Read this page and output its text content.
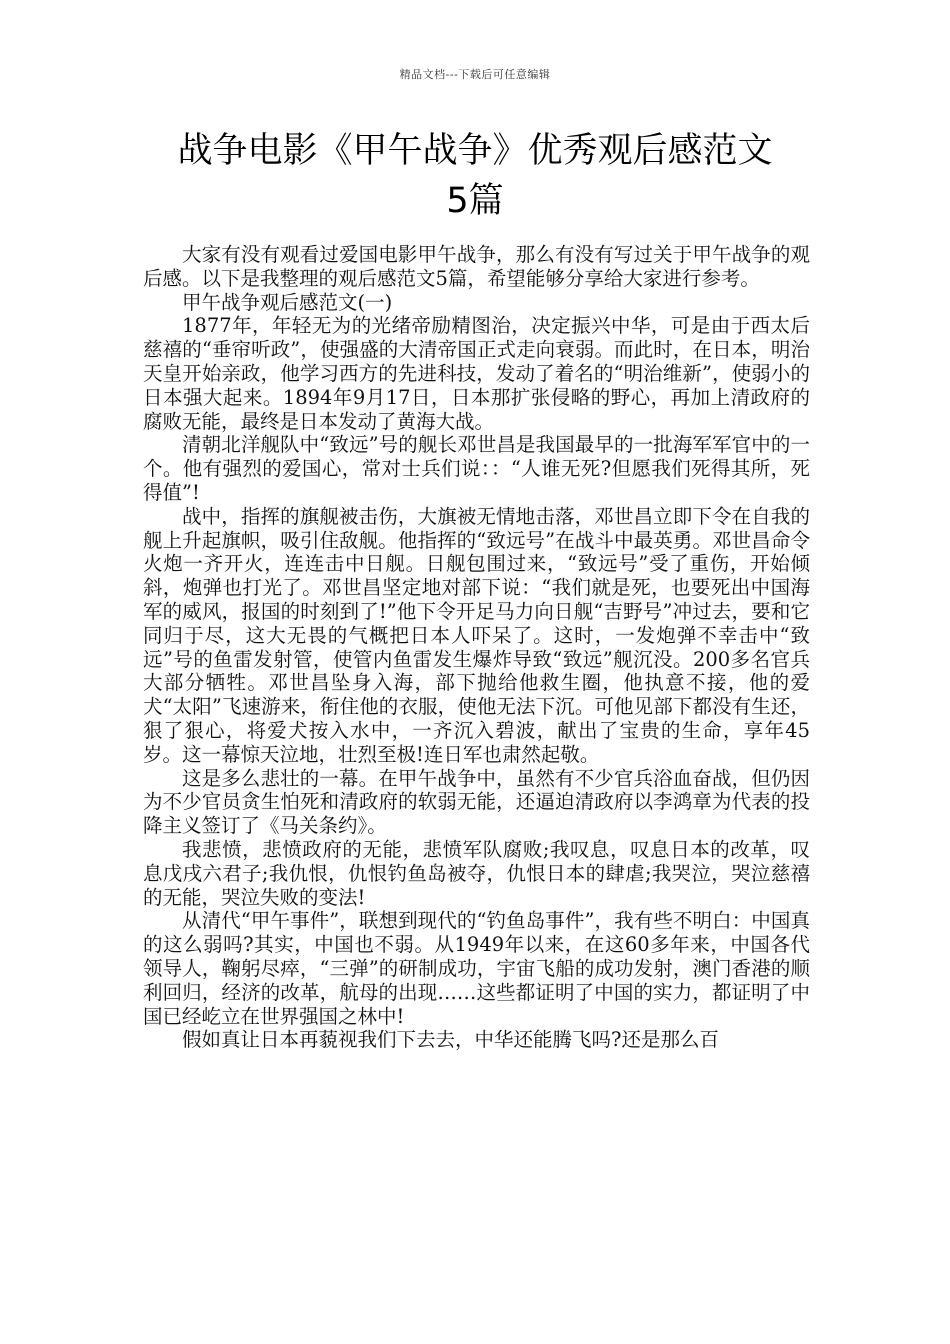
精品文档---下载后可任意编辑
战争电影《甲午战争》优秀观后感范文
5篇

大家有没有观看过爱国电影甲午战争，那么有没有写过关于甲午战争的观后感。以下是我整理的观后感范文5篇，希望能够分享给大家进行参考。

甲午战争观后感范文(一)

1877年，年轻无为的光绪帝励精图治，决定振兴中华，可是由于西太后慈禧的“垂帘听政”，使强盛的大清帝国正式走向衰弱。而此时，在日本，明治天皇开始亲政，他学习西方的先进科技，发动了着名的“明治维新”，使弱小的日本强大起来。1894年9月17日，日本那扩张侵略的野心，再加上清政府的腐败无能，最终是日本发动了黄海大战。

清朝北洋舰队中“致远”号的舰长邓世昌是我国最早的一批海军军官中的一个。他有强烈的爱国心，常对士兵们说：：“人谁无死?但愿我们死得其所，死得值”!

战中，指挥的旗舰被击伤，大旗被无情地击落，邓世昌立即下令在自我的舰上升起旗帜，吸引住敌舰。他指挥的“致远号”在战斗中最英勇。邓世昌命令火炮一齐开火，连连击中日舰。日舰包围过来，“致远号”受了重伤，开始倾斜，炮弹也打光了。邓世昌坚定地对部下说：“我们就是死，也要死出中国海军的威风，报国的时刻到了!”他下令开足马力向日舰“吉野号”冲过去，要和它同归于尽，这大无畏的气概把日本人吓呆了。这时，一发炮弹不幸击中“致远”号的鱼雷发射管，使管内鱼雷发生爆炸导致“致远”舰沉没。200多名官兵大部分牺牲。邓世昌坠身入海，部下抛给他救生圈，他执意不接，他的爱犬“太阳”飞速游来，衔住他的衣服，使他无法下沉。可他见部下都没有生还，狠了狠心，将爱犬按入水中，一齐沉入碧波，献出了宝贵的生命，享年45岁。这一幕惊天泣地，壮烈至极!连日军也肃然起敬。

这是多么悲壮的一幕。在甲午战争中，虽然有不少官兵浴血奋战，但仍因为不少官员贪生怕死和清政府的软弱无能，还逼迫清政府以李鸿章为代表的投降主义签订了《马关条约》。

我悲愤，悲愤政府的无能，悲愤军队腐败;我叹息，叹息日本的改革，叹息戊戌六君子;我仇恨，仇恨钓鱼岛被夺，仇恨日本的肆虐;我哭泣，哭泣慈禧的无能，哭泣失败的变法!

从清代“甲午事件”，联想到现代的“钓鱼岛事件”，我有些不明白：中国真的这么弱吗?其实，中国也不弱。从1949年以来，在这60多年来，中国各代领导人，鞠躬尽瘁，“三弹”的研制成功，宇宙飞船的成功发射，澳门香港的顺利回归，经济的改革，航母的出现……这些都证明了中国的实力，都证明了中国已经屹立在世界强国之林中!

假如真让日本再藐视我们下去去，中华还能腾飞吗?还是那么百
